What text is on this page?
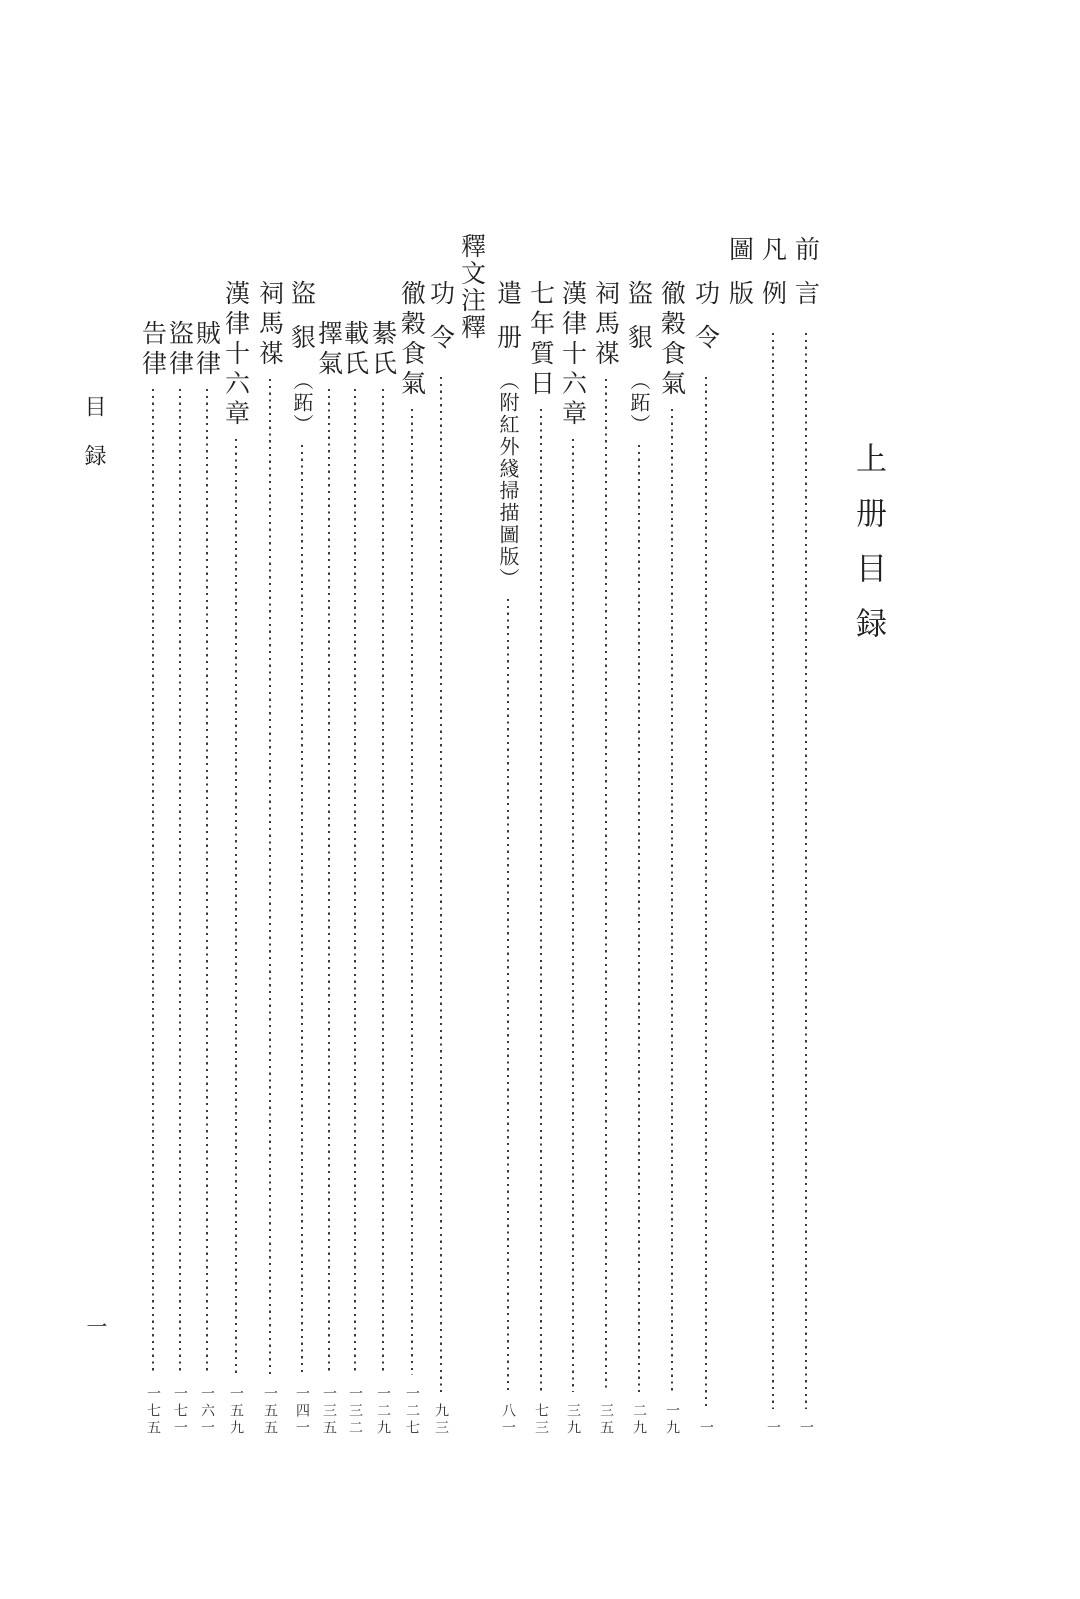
上册目録
目録
一
前言
一
凡例
一
圖版
功令
一
徹穀食氣
一九
盜貇
（跖）
二九
祠馬禖
三五
漢律十六章
三九
七年質日
七三
遣册
（附紅外綫掃描圖版）
八一
釋文注釋
功令
九三
徹穀食氣
一二七
綦氏
一二九
載氏
一三二
擇氣
一三五
盜貇
（跖）
一四一
祠馬禖
一五五
漢律十六章
一五九
賊律
一六一
盜律
一七一
告律
一七五
